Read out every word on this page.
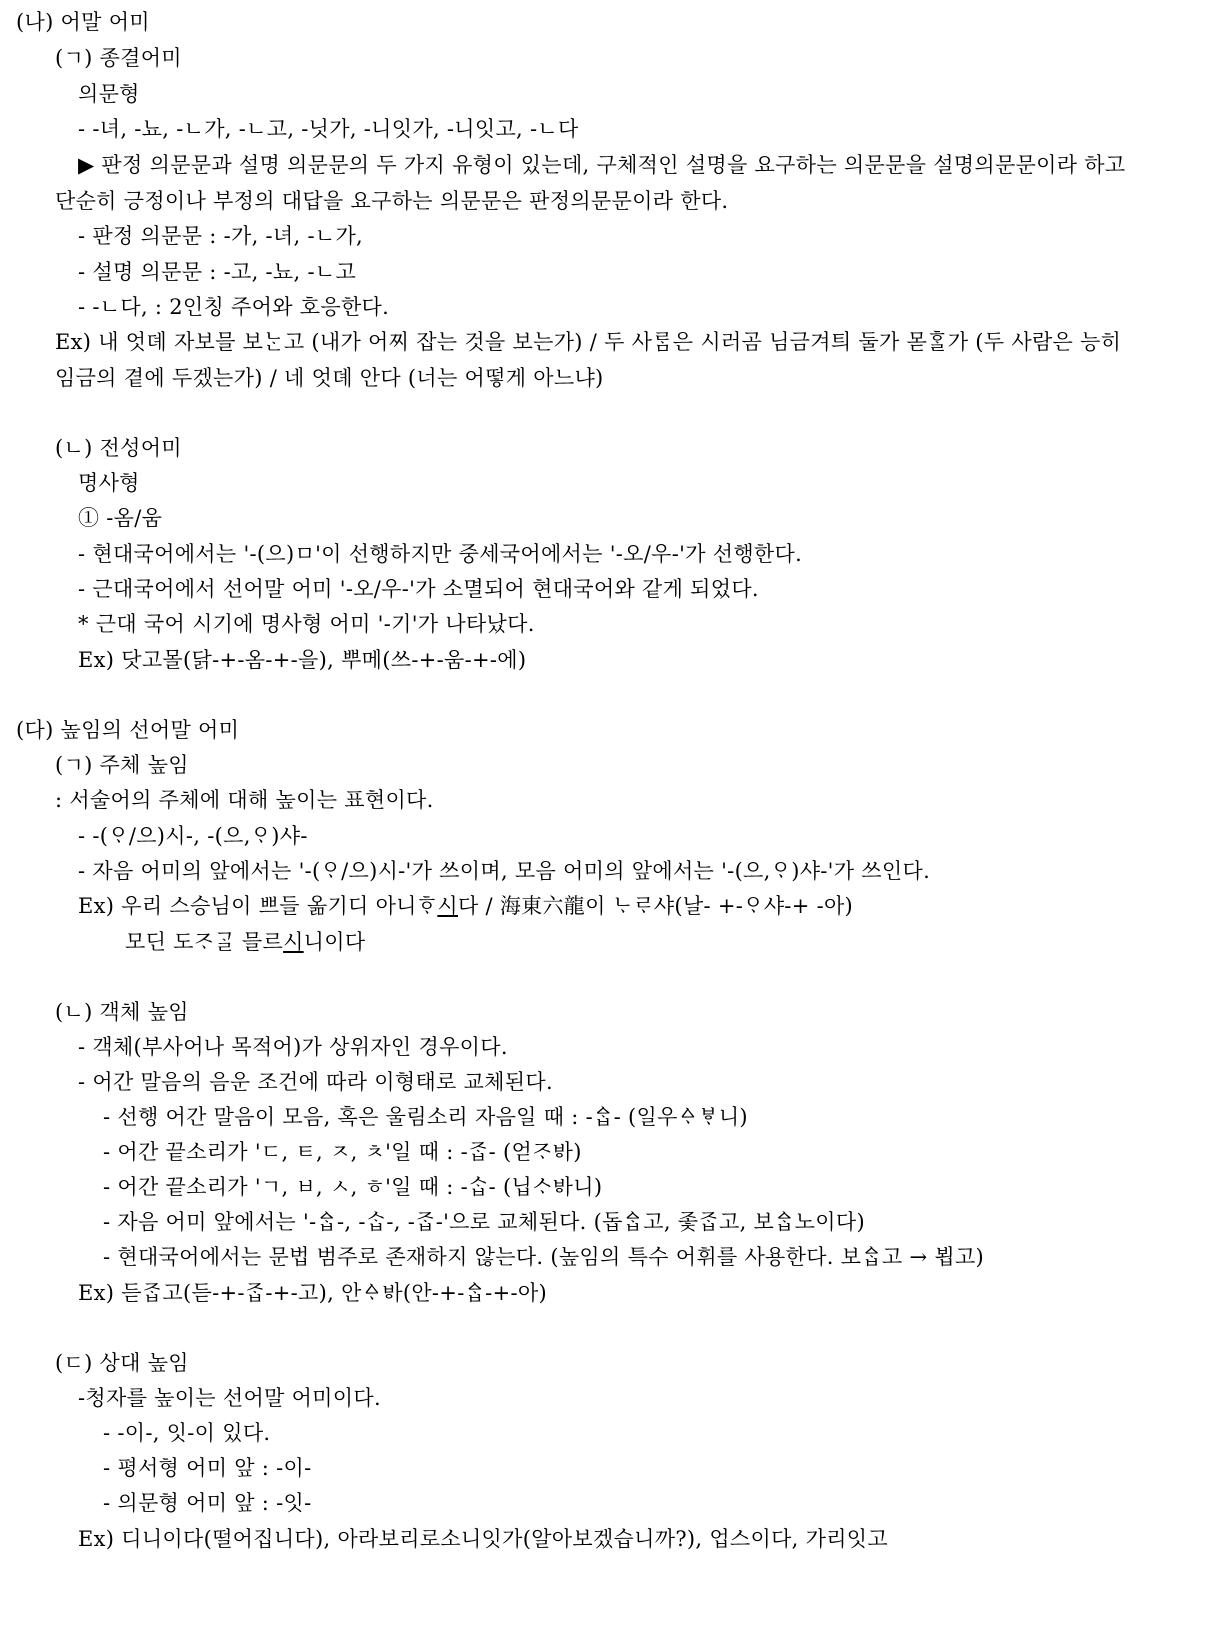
(나) 어말 어미
(ㄱ) 종결어미
의문형
- -녀, -뇨, -ㄴ가, -ㄴ고, -닛가, -니잇가, -니잇고, -ㄴ다
▶ 판정 의문문과 설명 의문문의 두 가지 유형이 있는데, 구체적인 설명을 요구하는 의문문을 설명의문문이라 하고
단순히 긍정이나 부정의 대답을 요구하는 의문문은 판정의문문이라 한다.
- 판정 의문문 : -가, -녀, -ㄴ가,
- 설명 의문문 : -고, -뇨, -ㄴ고
- -ㄴ다, : 2인칭 주어와 호응한다.
Ex) 내 엇뎨 자보믈 보ᄂᆞᆫ고 (내가 어찌 잡는 것을 보는가) / 두 사ᄅᆞᆷ은 시러곰 님금겨틔 둘가 몯ᄒᆞᆯ가 (두 사람은 능히
임금의 곁에 두겠는가) / 네 엇뎨 안다 (너는 어떻게 아느냐)
(ㄴ) 전성어미
명사형
① -옴/움
- 현대국어에서는 '-(으)ㅁ'이 선행하지만 중세국어에서는 '-오/우-'가 선행한다.
- 근대국어에서 선어말 어미 '-오/우-'가 소멸되어 현대국어와 같게 되었다.
* 근대 국어 시기에 명사형 어미 '-기'가 나타났다.
Ex) 닷고몰(닭-+-옴-+-을), 뿌메(쓰-+-움-+-에)
(다) 높임의 선어말 어미
(ㄱ) 주체 높임
: 서술어의 주체에 대해 높이는 표현이다.
- -(ᄋᆞ/으)시-, -(으,ᄋᆞ)샤-
- 자음 어미의 앞에서는 '-(ᄋᆞ/으)시-'가 쓰이며, 모음 어미의 앞에서는 '-(으,ᄋᆞ)샤-'가 쓰인다.
Ex) 우리 스승님이 쁘들 옮기디 아니ᄒᆞ시다 / 海東六龍이 ᄂᆞᄅᆞ샤(날- +-ᄋᆞ샤-+ -아)
모딘 도ᄌᆞᄀᆞᆯ 믈르시니이다
(ㄴ) 객체 높임
- 객체(부사어나 목적어)가 상위자인 경우이다.
- 어간 말음의 음운 조건에 따라 이형태로 교체된다.
- 선행 어간 말음이 모음, 혹은 울림소리 자음일 때 : -ᅀᆞᆸ- (일우ᅀᆞᄫᆞ니)
- 어간 끝소리가 'ㄷ, ㅌ, ㅈ, ㅊ'일 때 : -ᄌᆞᆸ- (얻ᄌᆞᄫᅡ)
- 어간 끝소리가 'ㄱ, ㅂ, ㅅ, ㅎ'일 때 : -ᄉᆞᆸ- (닙ᄉᆞᄫᅡ니)
- 자음 어미 앞에서는 '-ᅀᆞᆸ-, -ᄉᆞᆸ-, -ᄌᆞᆸ-'으로 교체된다. (돕ᅀᆞᆸ고, 좇ᄌᆞᆸ고, 보ᅀᆞᆸ노이다)
- 현대국어에서는 문법 범주로 존재하지 않는다. (높임의 특수 어휘를 사용한다. 보ᅀᆞᆸ고 → 뵙고)
Ex) 듣ᄌᆞᆸ고(듣-+-ᄌᆞᆸ-+-고), 안ᅀᆞᄫᅡ(안-+-ᅀᆞᆸ-+-아)
(ㄷ) 상대 높임
-청자를 높이는 선어말 어미이다.
- -이-, 잇-이 있다.
- 평서형 어미 앞 : -이-
- 의문형 어미 앞 : -잇-
Ex) 디니이다(떨어집니다), 아라보리로소니잇가(알아보겠습니까?), 업스이다, 가리잇고
